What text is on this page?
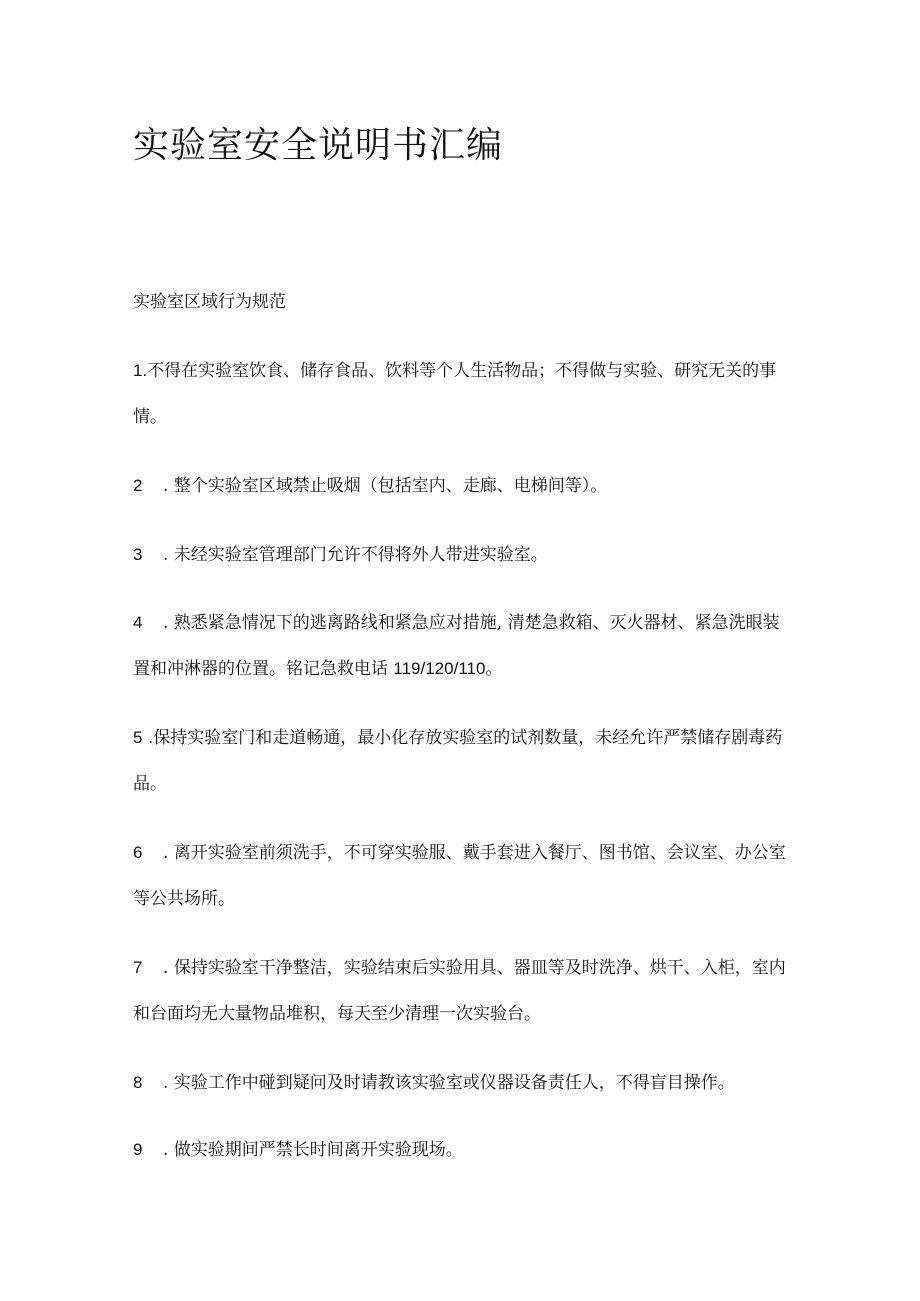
实验室安全说明书汇编
实验室区域行为规范
1.不得在实验室饮食、储存食品、饮料等个人生活物品；不得做与实验、研究无关的事情。
2 . 整个实验室区域禁止吸烟（包括室内、走廊、电梯间等）。
3 . 未经实验室管理部门允许不得将外人带进实验室。
4 . 熟悉紧急情况下的逃离路线和紧急应对措施, 清楚急救箱、灭火器材、紧急洗眼装置和冲淋器的位置。铭记急救电话 119/120/110。
5 .保持实验室门和走道畅通，最小化存放实验室的试剂数量，未经允许严禁储存剧毒药品。
6 . 离开实验室前须洗手，不可穿实验服、戴手套进入餐厅、图书馆、会议室、办公室等公共场所。
7 . 保持实验室干净整洁，实验结束后实验用具、器皿等及时洗净、烘干、入柜，室内和台面均无大量物品堆积，每天至少清理一次实验台。
8 . 实验工作中碰到疑问及时请教该实验室或仪器设备责任人，不得盲目操作。
9 . 做实验期间严禁长时间离开实验现场。
